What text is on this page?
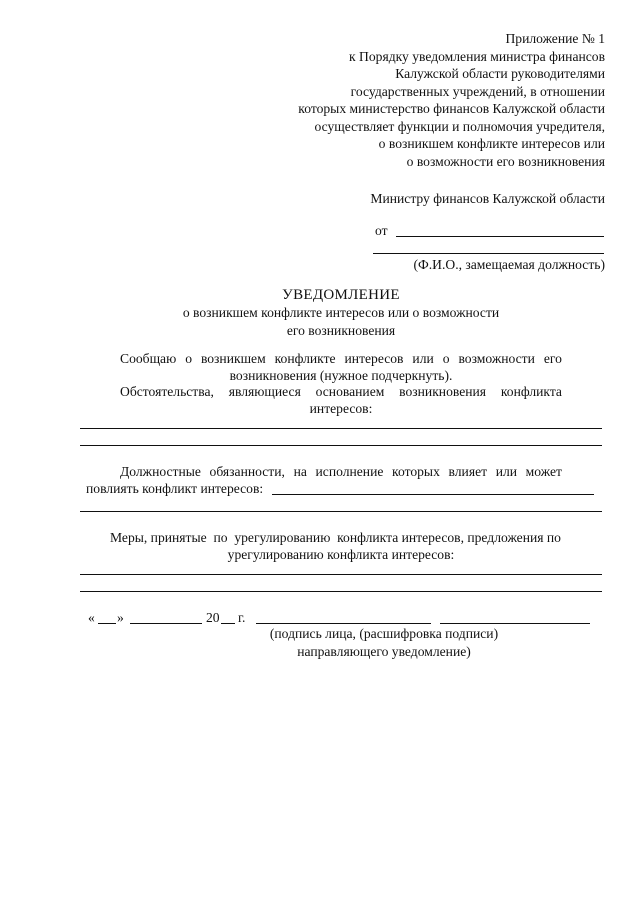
Приложение № 1
к Порядку уведомления министра финансов
Калужской области руководителями
государственных учреждений, в отношении
которых министерство финансов Калужской области
осуществляет функции и полномочия учредителя,
о возникшем конфликте интересов или
о возможности его возникновения
Министру финансов Калужской области
от
(Ф.И.О., замещаемая должность)
УВЕДОМЛЕНИЕ
о возникшем конфликте интересов или о возможности
его возникновения
Сообщаю о возникшем конфликте интересов или о возможности его
возникновения (нужное подчеркнуть).
Обстоятельства, являющиеся основанием возникновения конфликта
интересов:
Должностные обязанности, на исполнение которых влияет или может
повлиять конфликт интересов:
Меры, принятые  по  урегулированию  конфликта интересов, предложения по
урегулированию конфликта интересов:
« »	20 г.
(подпись лица, (расшифровка подписи)
направляющего уведомление)
